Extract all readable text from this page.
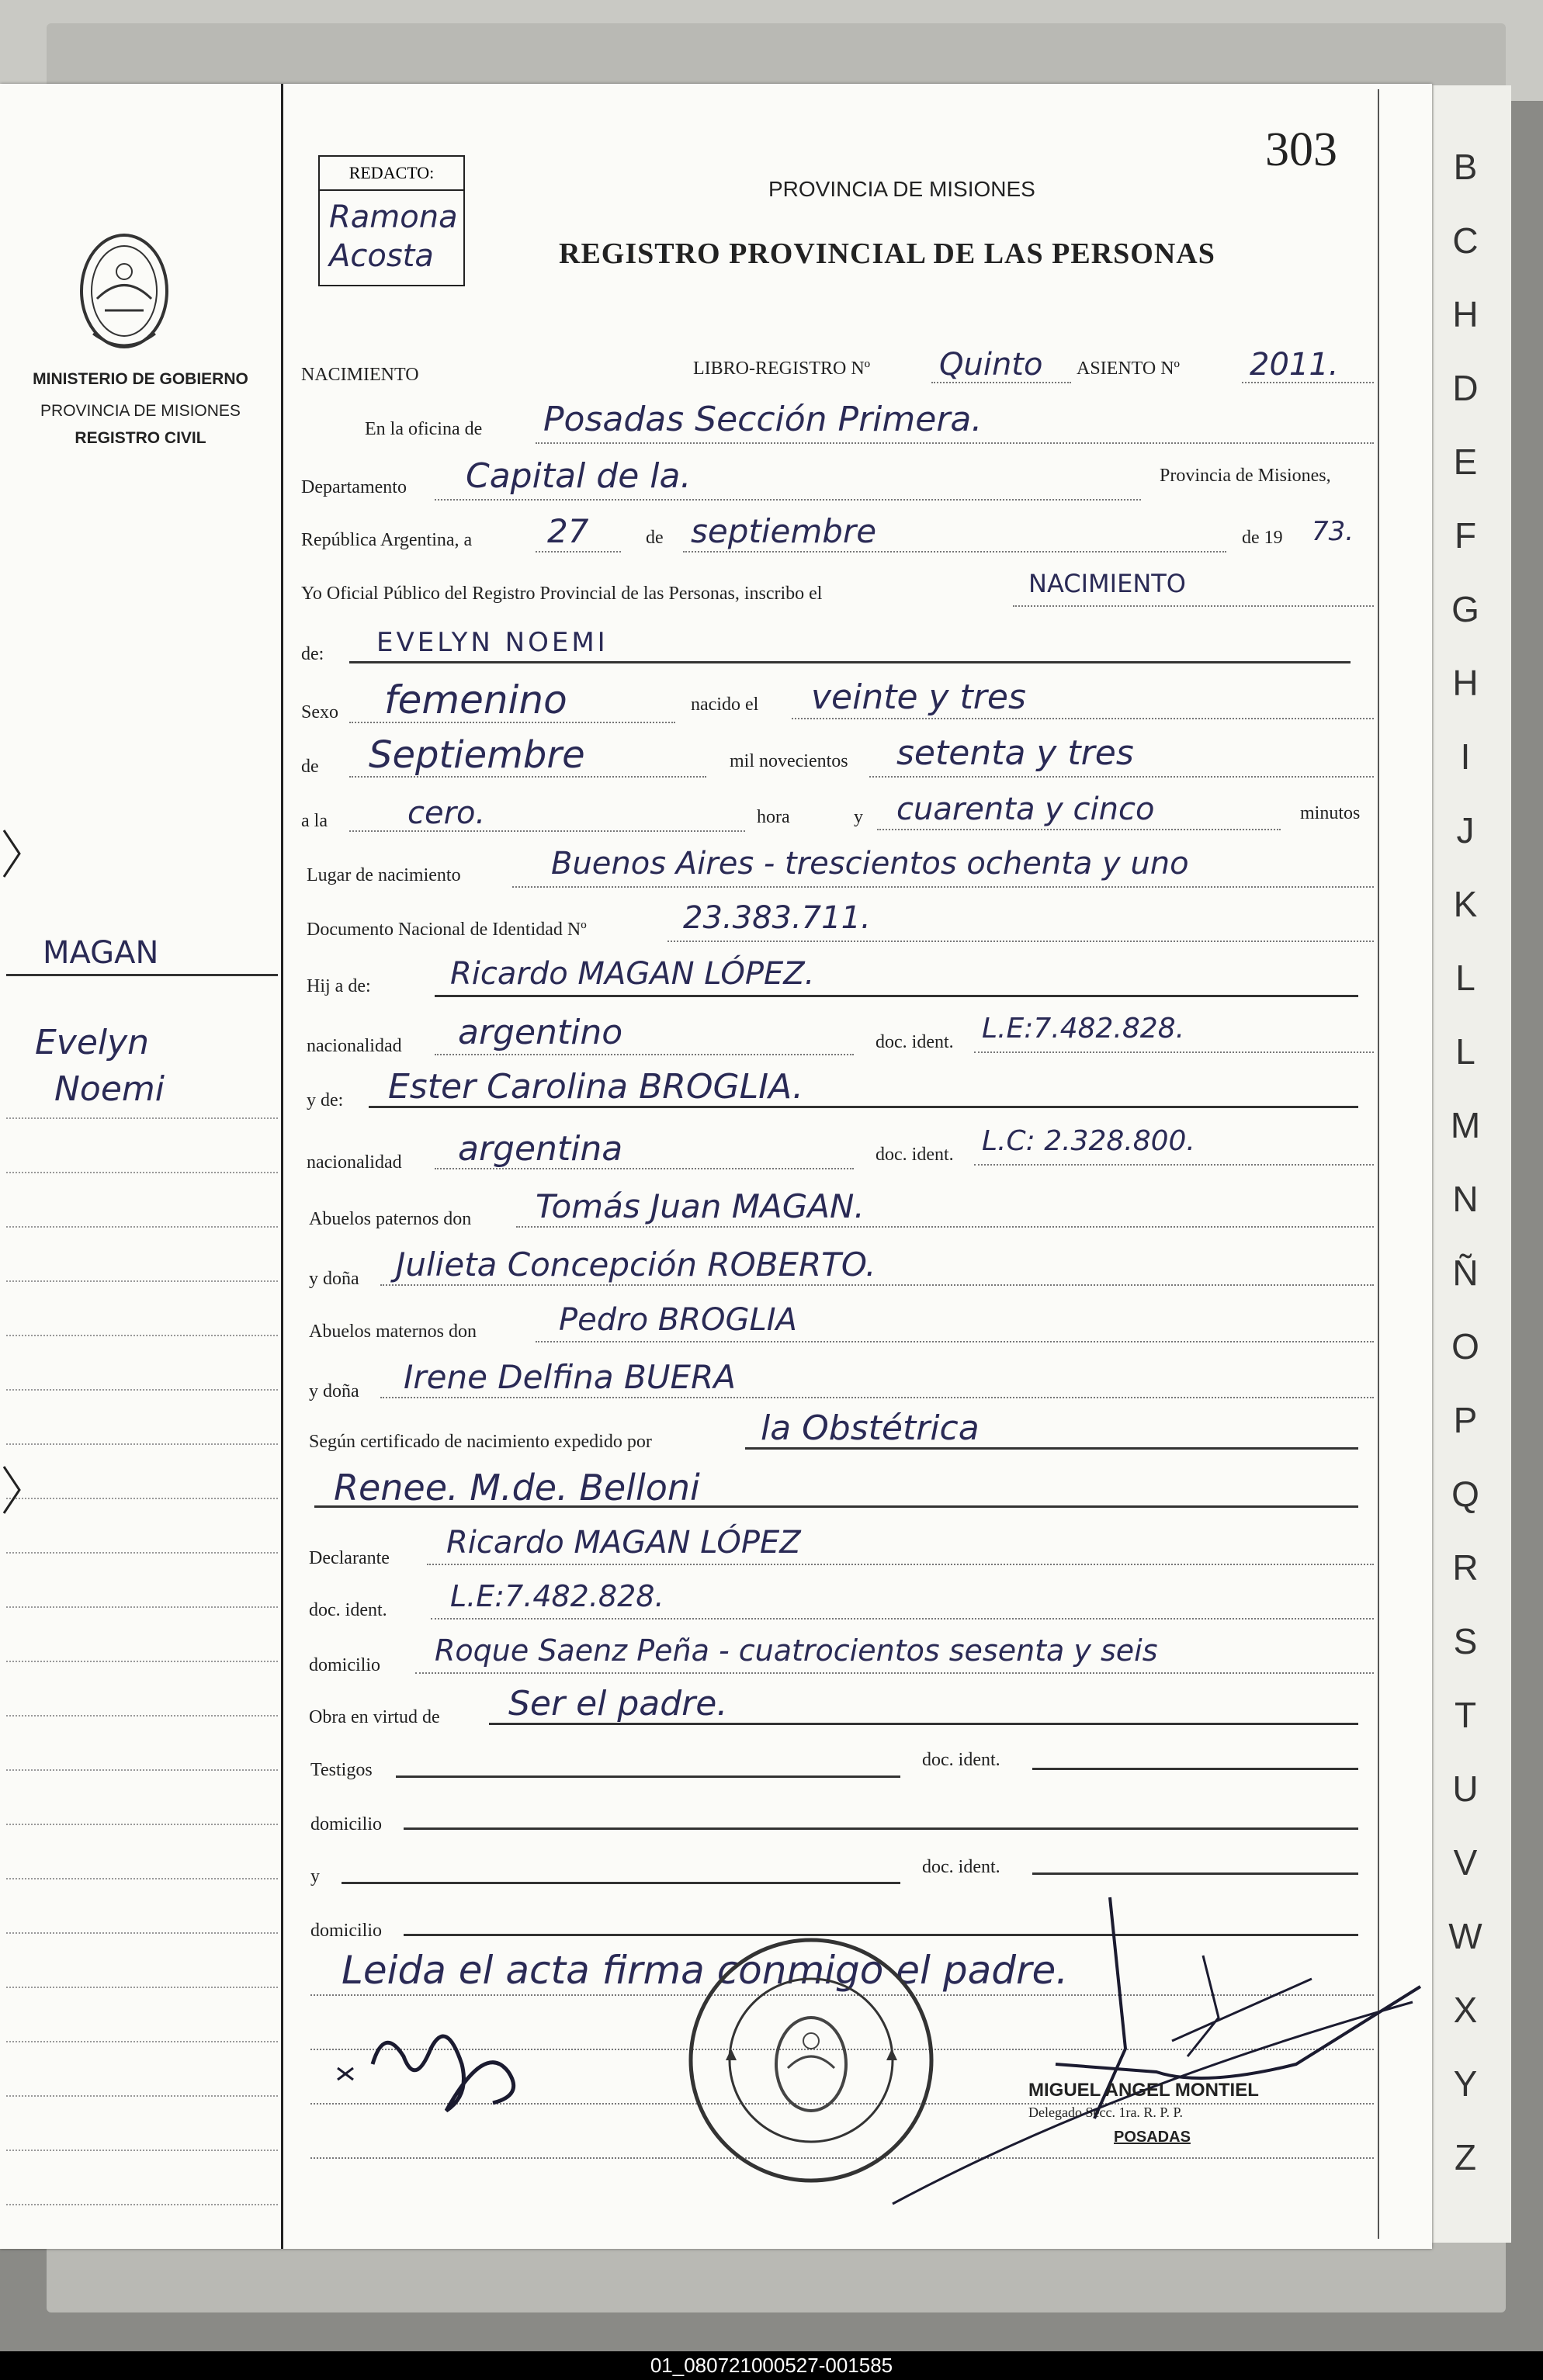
B
C
H
D
E
F
G
H
I
J
K
L
L
M
N
Ñ
O
P
Q
R
S
T
U
V
W
X
Y
Z
MINISTERIO DE GOBIERNO
PROVINCIA DE MISIONES
REGISTRO CIVIL
MAGAN
Evelyn
Noemi
REDACTO:
Ramona
Acosta
303
PROVINCIA DE MISIONES
REGISTRO PROVINCIAL DE LAS PERSONAS
NACIMIENTO	LIBRO-REGISTRO Nº Quinto ASIENTO Nº 2011.
En la oficina de Posadas Sección Primera.
Departamento Capital de la.	Provincia de Misiones,
República Argentina, a 27	de septiembre	de 19 73.
Yo Oficial Público del Registro Provincial de las Personas, inscribo el	NACIMIENTO
de: EVELYN NOEMI
Sexo femenino	nacido el veinte y tres
de Septiembre	mil novecientos setenta y tres
a la	cero.	hora	y cuarenta y cinco	minutos
Lugar de nacimiento	Buenos Aires - trescientos ochenta y uno
Documento Nacional de Identidad Nº	23.383.711.
Hij a de:	Ricardo MAGAN LÓPEZ.
nacionalidad argentino	doc. ident. L.E:7.482.828.
y de: Ester Carolina BROGLIA.
nacionalidad argentina	doc. ident. L.C: 2.328.800.
Abuelos paternos don Tomás Juan MAGAN.
y doña Julieta Concepción ROBERTO.
Abuelos maternos don	Pedro BROGLIA
y doña Irene Delfina BUERA
Según certificado de nacimiento expedido por	la Obstétrica
Renee. M.de. Belloni
Declarante Ricardo MAGAN LÓPEZ
doc. ident. L.E:7.482.828.
domicilio Roque Saenz Peña - cuatrocientos sesenta y seis
Obra en virtud de Ser el padre.
Testigos	doc. ident.
domicilio
y	doc. ident.
domicilio
Leida el acta firma conmigo el padre.
MIGUEL ANGEL MONTIEL
Delegado Secc. 1ra. R. P. P.
POSADAS
01_080721000527-001585
